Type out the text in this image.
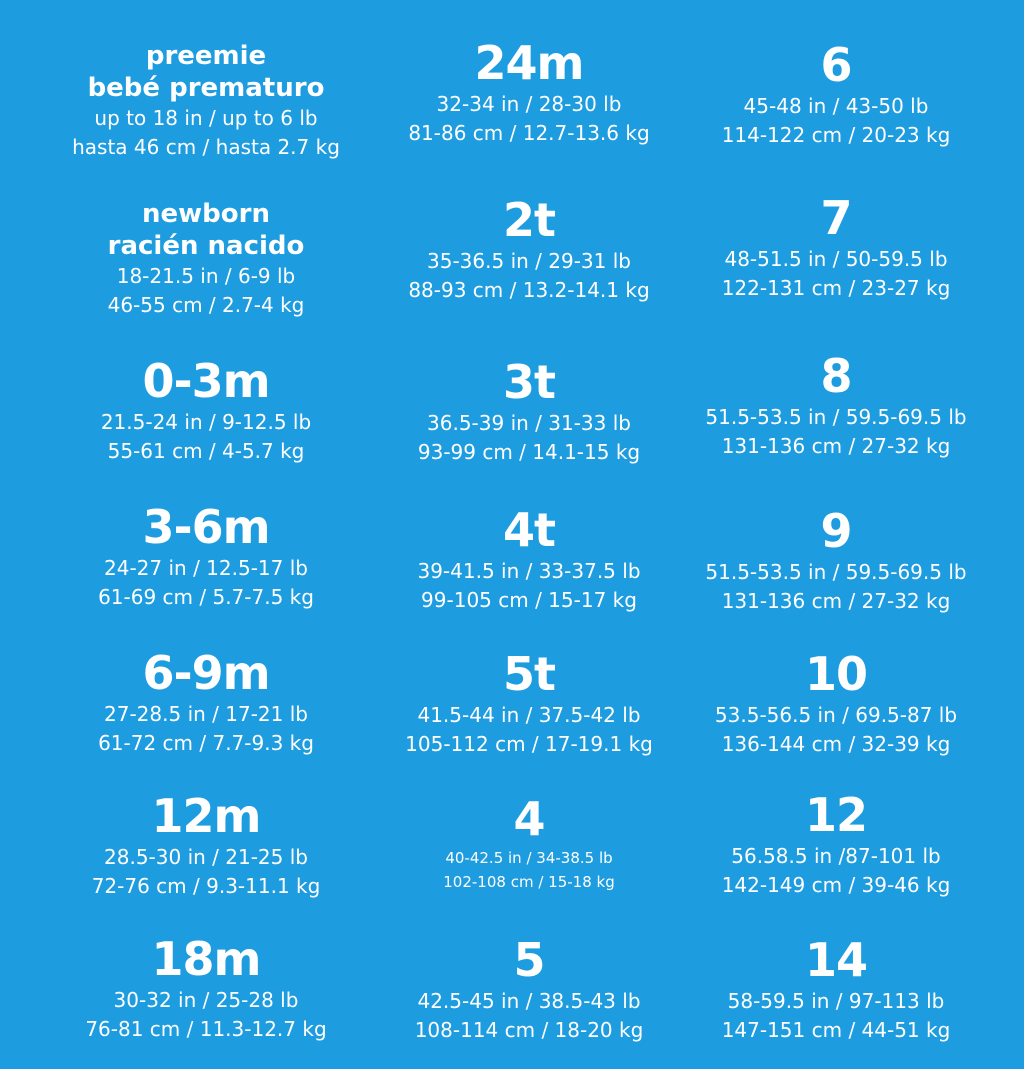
preemie
bebé prematuro
up to 18 in / up to 6 lb
hasta 46 cm / hasta 2.7 kg
newborn
racién nacido
18-21.5 in / 6-9 lb
46-55 cm / 2.7-4 kg
0-3m
21.5-24 in / 9-12.5 lb
55-61 cm / 4-5.7 kg
3-6m
24-27 in / 12.5-17 lb
61-69 cm / 5.7-7.5 kg
6-9m
27-28.5 in / 17-21 lb
61-72 cm / 7.7-9.3 kg
12m
28.5-30 in / 21-25 lb
72-76 cm / 9.3-11.1 kg
18m
30-32 in / 25-28 lb
76-81 cm / 11.3-12.7 kg
24m
32-34 in / 28-30 lb
81-86 cm / 12.7-13.6 kg
2t
35-36.5 in / 29-31 lb
88-93 cm / 13.2-14.1 kg
3t
36.5-39 in / 31-33 lb
93-99 cm / 14.1-15 kg
4t
39-41.5 in / 33-37.5 lb
99-105 cm / 15-17 kg
5t
41.5-44 in / 37.5-42 lb
105-112 cm / 17-19.1 kg
4
40-42.5 in / 34-38.5 lb
102-108 cm / 15-18 kg
5
42.5-45 in / 38.5-43 lb
108-114 cm / 18-20 kg
6
45-48 in / 43-50 lb
114-122 cm / 20-23 kg
7
48-51.5 in / 50-59.5 lb
122-131 cm / 23-27 kg
8
51.5-53.5 in / 59.5-69.5 lb
131-136 cm / 27-32 kg
9
51.5-53.5 in / 59.5-69.5 lb
131-136 cm / 27-32 kg
10
53.5-56.5 in / 69.5-87 lb
136-144 cm / 32-39 kg
12
56.58.5 in /87-101 lb
142-149 cm / 39-46 kg
14
58-59.5 in / 97-113 lb
147-151 cm / 44-51 kg
